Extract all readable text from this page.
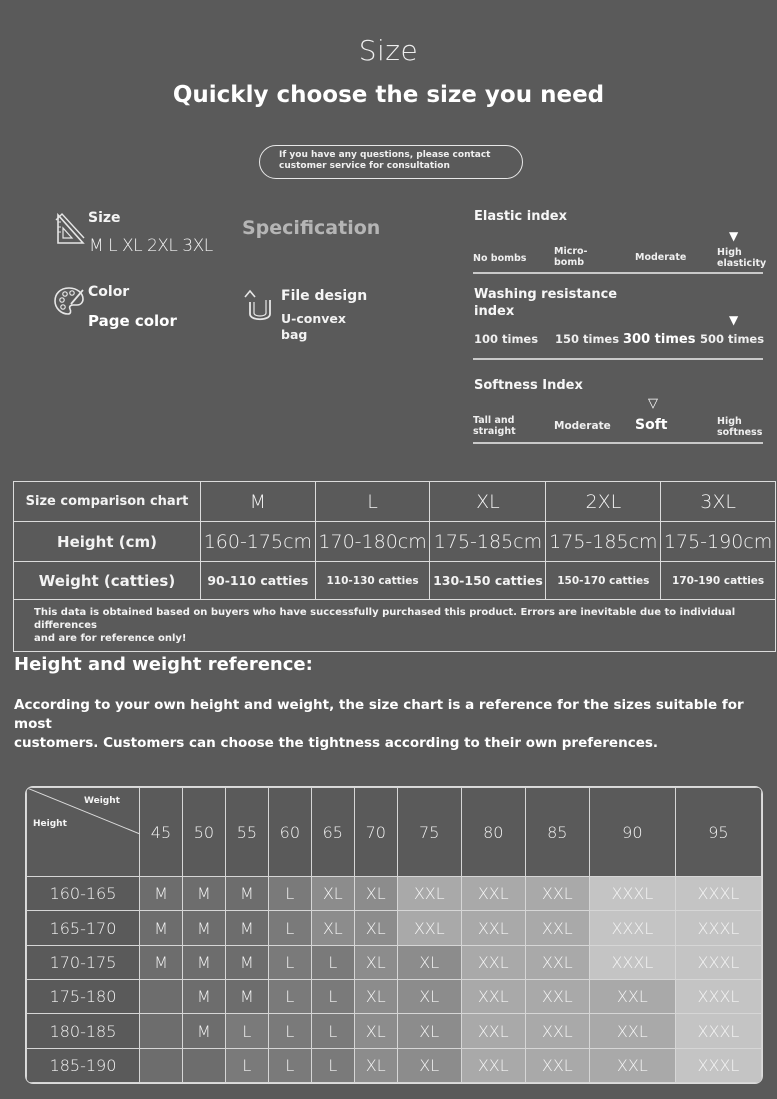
Size
Quickly choose the size you need
If you have any questions, please contact
customer service for consultation
Size
M L XL 2XL 3XL
Color
Page color
Specification
File design
U-convex
bag
Elastic index
▼
No bombs
Micro-
bomb	Moderate	High
elasticity
Washing resistance
index
▼
100 times 150 times 300 times 500 times
Softness Index
▽
Tall and
straight	Moderate Soft	High
softness
Size comparison chart	M	L	XL	2XL	3XL
Height (cm)	160-175cm	170-180cm	175-185cm	175-185cm	175-190cm
Weight (catties)	90-110 catties	110-130 catties	130-150 catties	150-170 catties	170-190 catties

This data is obtained based on buyers who have successfully purchased this product. Errors are inevitable due to individual differences
and are for reference only!					
Height and weight reference:
According to your own height and weight, the size chart is a reference for the sizes suitable for most
customers. Customers can choose the tightness according to their own preferences.
Weight
Height	45	50	55	60	65	70	75	80	85	90	95
160-165	M	M	M	L	XL	XL	XXL	XXL	XXL	XXXL	XXXL
165-170	M	M	M	L	XL	XL	XXL	XXL	XXL	XXXL	XXXL
170-175	M	M	M	L	L	XL	XL	XXL	XXL	XXXL	XXXL
175-180		M	M	L	L	XL	XL	XXL	XXL	XXL	XXXL
180-185		M	L	L	L	XL	XL	XXL	XXL	XXL	XXXL
185-190			L	L	L	XL	XL	XXL	XXL	XXL	XXXL
